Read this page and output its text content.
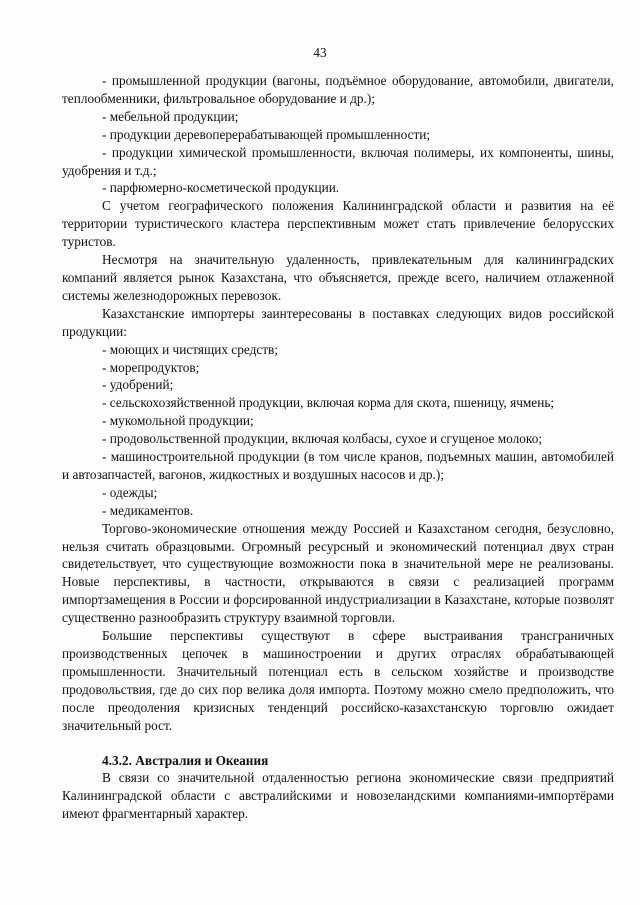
43

- промышленной продукции (вагоны, подъёмное оборудование, автомобили, двигатели, теплообменники, фильтровальное оборудование и др.);

- мебельной продукции;

- продукции деревоперерабатывающей промышленности;

- продукции химической промышленности, включая полимеры, их компоненты, шины, удобрения и т.д.;

- парфюмерно-косметической продукции.

С учетом географического положения Калининградской области и развития на её территории туристического кластера перспективным может стать привлечение белорусских туристов.

Несмотря на значительную удаленность, привлекательным для калининградских компаний является рынок Казахстана, что объясняется, прежде всего, наличием отлаженной системы железнодорожных перевозок.

Казахстанские импортеры заинтересованы в поставках следующих видов российской продукции:

- моющих и чистящих средств;

- морепродуктов;

- удобрений;

- сельскохозяйственной продукции, включая корма для скота, пшеницу, ячмень;

- мукомольной продукции;

- продовольственной продукции, включая колбасы, сухое и сгущеное молоко;

- машиностроительной продукции (в том числе кранов, подъемных машин, автомобилей и автозапчастей, вагонов, жидкостных и воздушных насосов и др.);

- одежды;

- медикаментов.

Торгово-экономические отношения между Россией и Казахстаном сегодня, безусловно, нельзя считать образцовыми. Огромный ресурсный и экономический потенциал двух стран свидетельствует, что существующие возможности пока в значительной мере не реализованы. Новые перспективы, в частности, открываются в связи с реализацией программ импортзамещения в России и форсированной индустриализации в Казахстане, которые позволят существенно разнообразить структуру взаимной торговли.

Большие перспективы существуют в сфере выстраивания трансграничных производственных цепочек в машиностроении и других отраслях обрабатывающей промышленности. Значительный потенциал есть в сельском хозяйстве и производстве продовольствия, где до сих пор велика доля импорта. Поэтому можно смело предположить, что после преодоления кризисных тенденций российско-казахстанскую торговлю ожидает значительный рост.

4.3.2. Австралия и Океания

В связи со значительной отдаленностью региона экономические связи предприятий Калининградской области с австралийскими и новозеландскими компаниями-импортёрами имеют фрагментарный характер.
